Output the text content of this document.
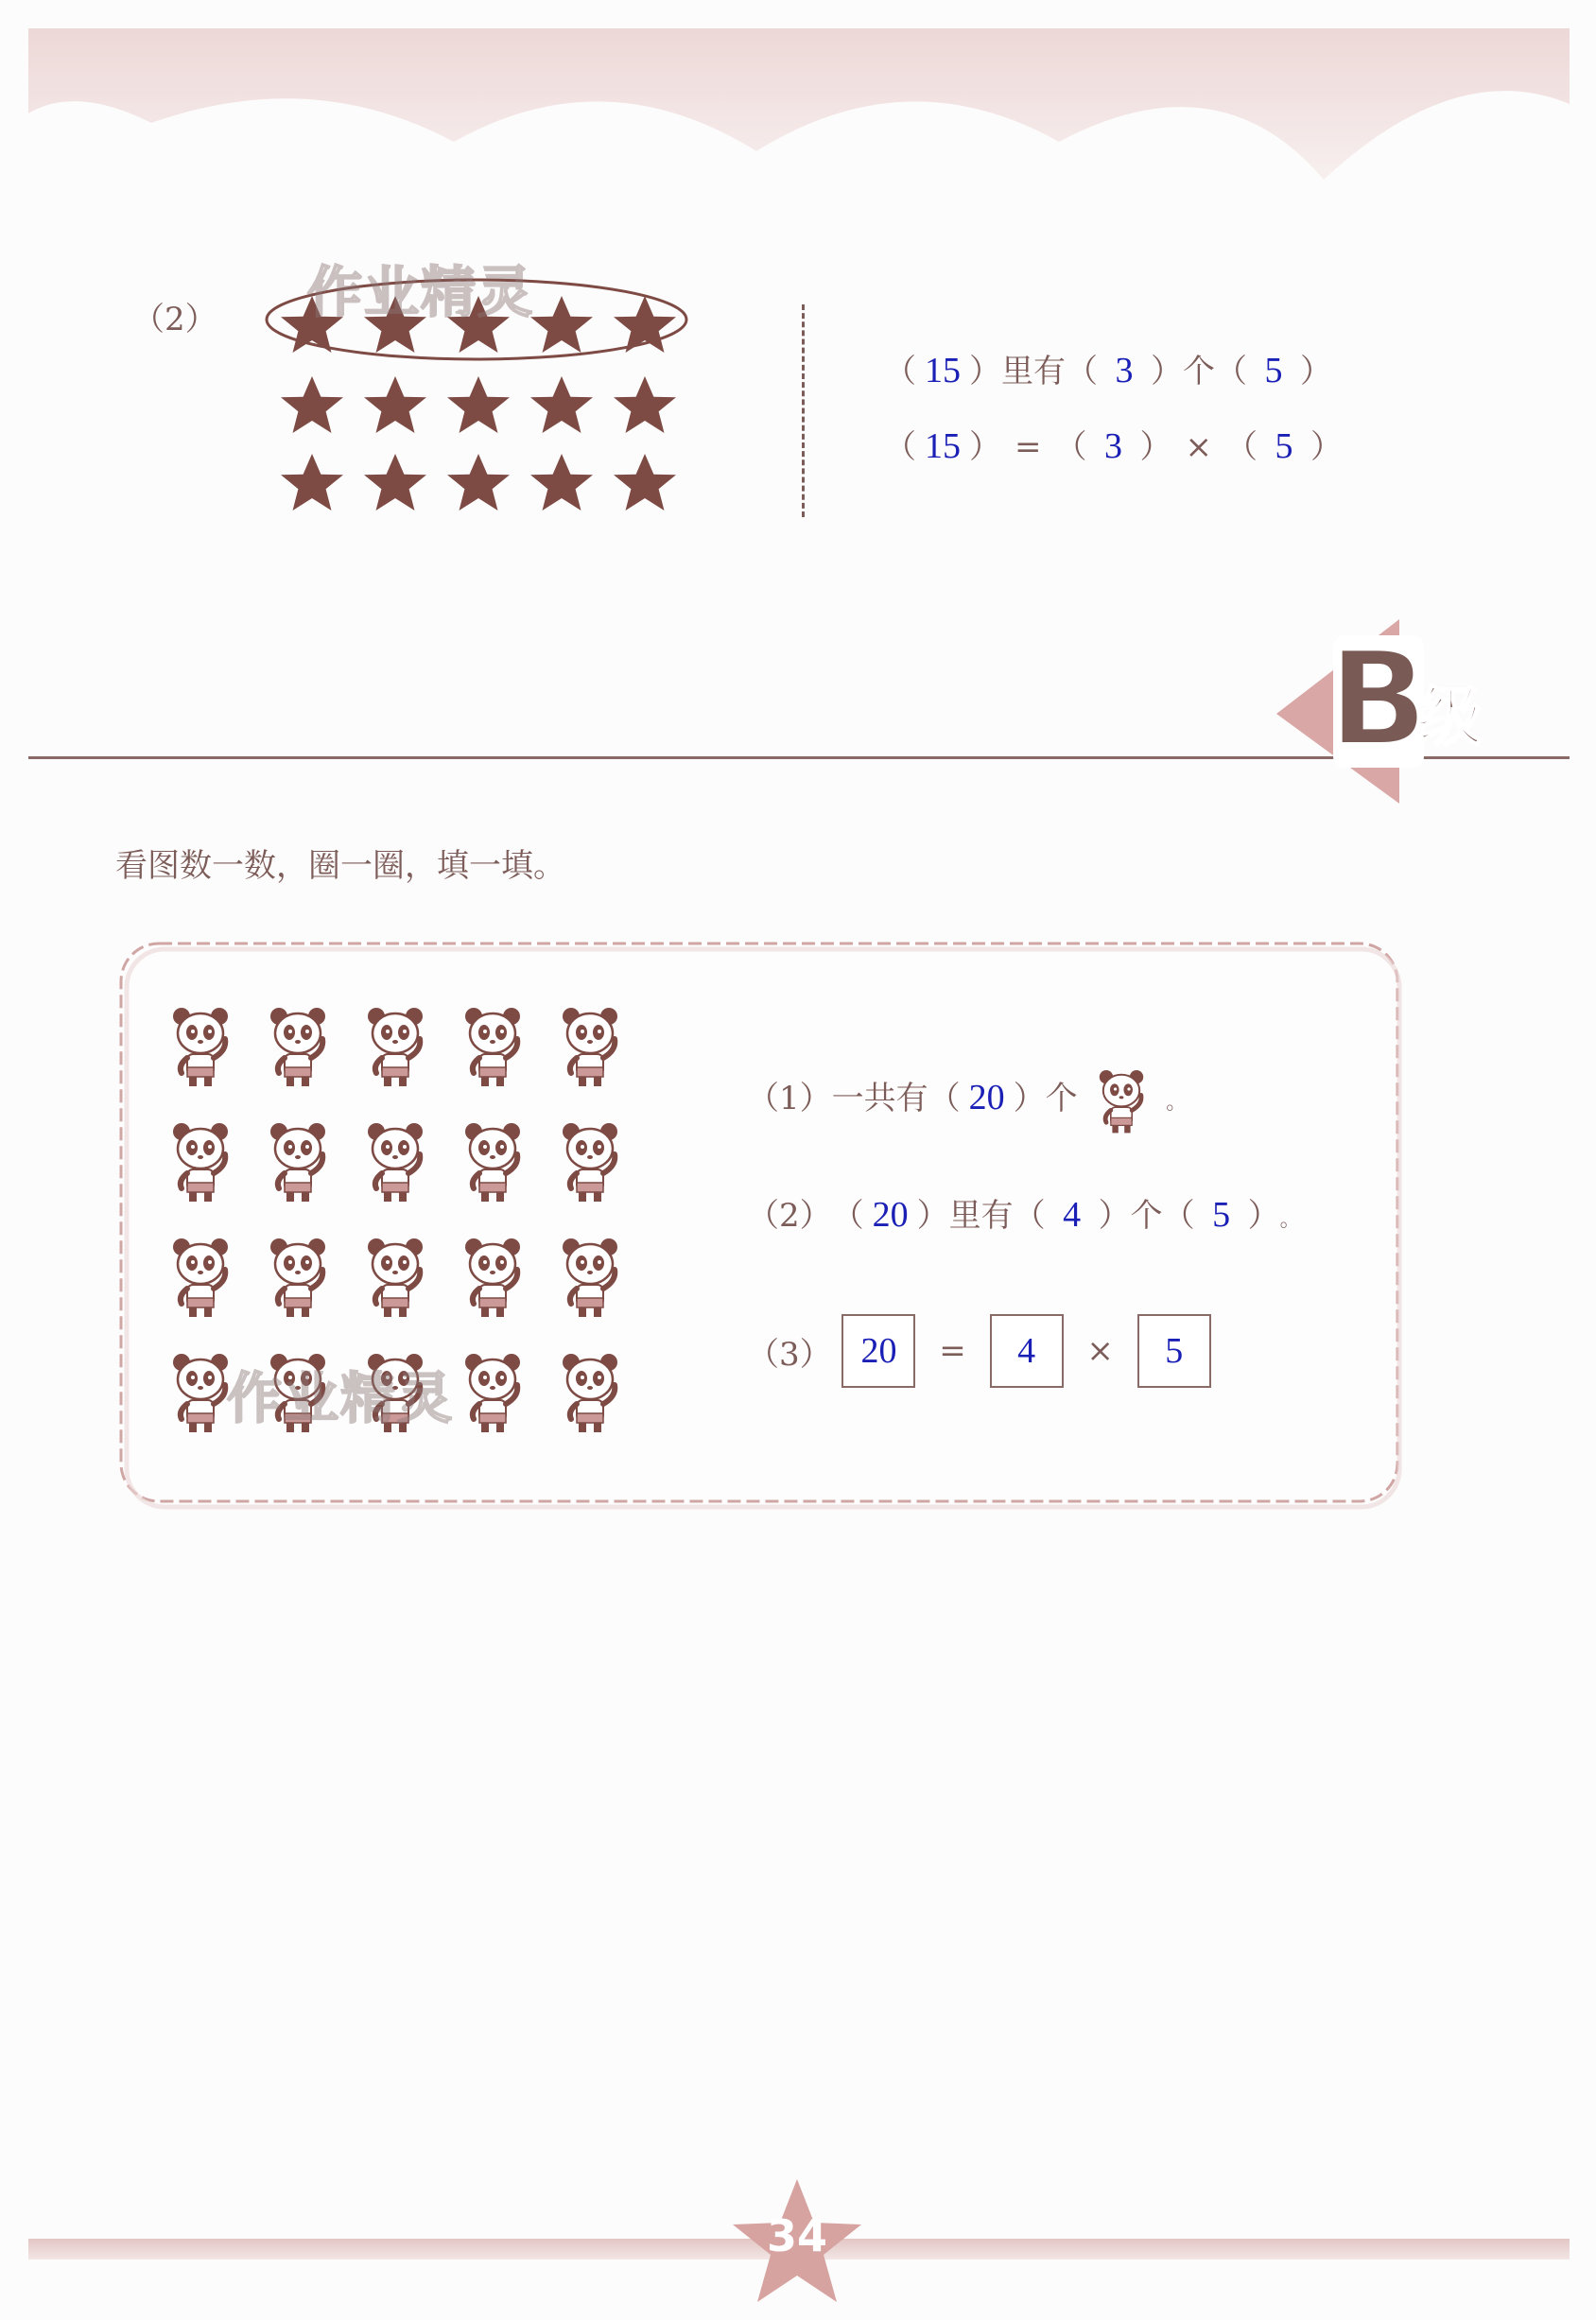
（2） 作业精灵
（ 15 ）里有（ 3 ）个（ 5 ）
（ 15 ） = （ 3 ） × （ 5 ）
B
级
看图数一数，圈一圈，填一填。
作业精灵
（1）一共有（ 20 ）个	。
（2）（ 20 ）里有（ 4 ）个（ 5 ）。
（3） 20 = 4 × 5
34
